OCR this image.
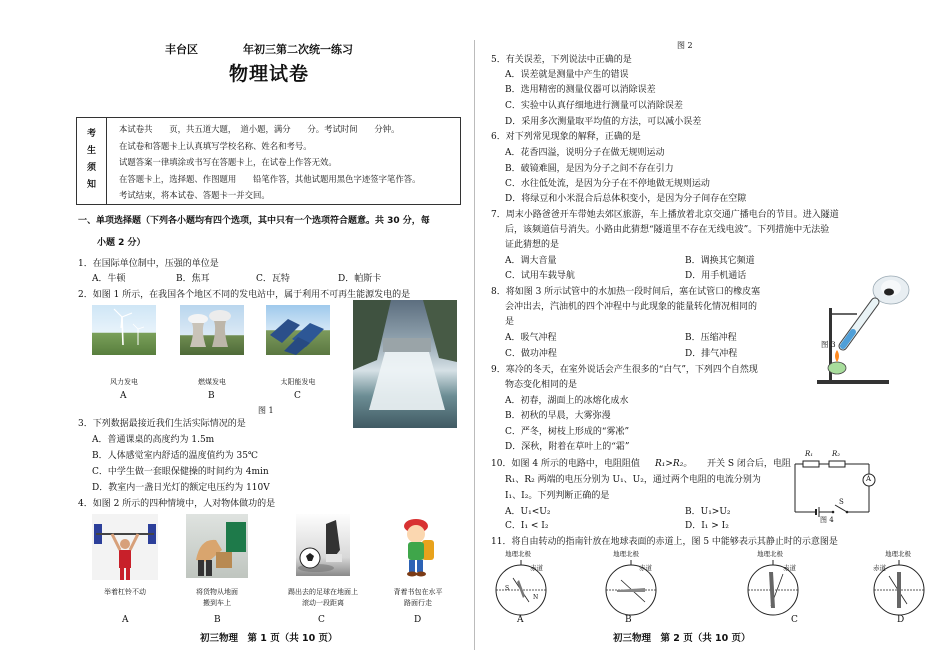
丰台区	年初三第二次统一练习
物理试卷
考
生
须
知
本试卷共　　页，共五道大题，　道小题，满分　　分。考试时间　　分钟。
在试卷和答题卡上认真填写学校名称、姓名和考号。
试题答案一律填涂或书写在答题卡上，在试卷上作答无效。
在答题卡上，选择题、作图题用　　铅笔作答，其他试题用黑色字迹签字笔作答。
考试结束，将本试卷、答题卡一并交回。
一、单项选择题（下列各小题均有四个选项，其中只有一个选项符合题意。共 30 分，每
小题 2 分）
1．在国际单位制中，压强的单位是
A．牛顿	B．焦耳	C．瓦特	D．帕斯卡
2．如图 1 所示，在我国各个地区不同的发电站中，属于利用不可再生能源发电的是
风力发电	燃煤发电	太阳能发电
A	B	C
图 1
3．下列数据最接近我们生活实际情况的是
A．普通课桌的高度约为 1.5m
B．人体感觉室内舒适的温度值约为 35℃
C．中学生做一套眼保健操的时间约为 4min
D．教室内一盏日光灯的额定电压约为 110V
4．如图 2 所示的四种情境中，人对物体做功的是
举着杠铃不动	将货物从地面
搬到车上
踢出去的足球在地面上
滚动一段距离
背着书包在水平
路面行走
A	B	C	D
初三物理　第 1 页（共 10 页）
图 2
5．有关误差，下列说法中正确的是
A．误差就是测量中产生的错误
B．选用精密的测量仪器可以消除误差
C．实验中认真仔细地进行测量可以消除误差
D．采用多次测量取平均值的方法，可以减小误差
6．对下列常见现象的解释，正确的是
A．花香四溢，说明分子在做无规则运动
B．破镜难圆，是因为分子之间不存在引力
C．水往低处流，是因为分子在不停地做无规则运动
D．将绿豆和小米混合后总体积变小，是因为分子间存在空隙
7．周末小路爸爸开车带她去郊区旅游，车上播放着北京交通广播电台的节目。进入隧道
后，该频道信号消失。小路由此猜想“隧道里不存在无线电波”。下列措施中无法验
证此猜想的是
A．调大音量	B．调换其它频道
C．试用车载导航	D．用手机通话
8．将如图 3 所示试管中的水加热一段时间后，塞在试管口的橡皮塞
会冲出去，汽油机的四个冲程中与此现象的能量转化情况相同的
是
A．吸气冲程	B．压缩冲程
C．做功冲程	D．排气冲程
图 3
9．寒冷的冬天，在室外说话会产生很多的“白气”，下列四个自然现
物态变化相同的是
A．初春，湖面上的冰熔化成水
B．初秋的早晨，大雾弥漫
C．严冬，树枝上形成的“雾凇”
D．深秋，附着在草叶上的“霜”
10．如图 4 所示的电路中，电阻阻值 R₁>R₂。 开关 S 闭合后，电阻
R₁、R₂ 两端的电压分别为 U₁、U₂，通过两个电阻的电流分别为
I₁、I₂。下列判断正确的是
A．U₁<U₂	B．U₁>U₂
C．I₁ < I₂	D．I₁ > I₂
R₁	R₂
A
S
图 4
11．将自由转动的指南针放在地球表面的赤道上，图 5 中能够表示其静止时的示意图是
地理北极
赤道
S
N
A
地理北极
赤道
B
地理北极
赤道
C
地理北极
赤道
D
初三物理　第 2 页（共 10 页）
